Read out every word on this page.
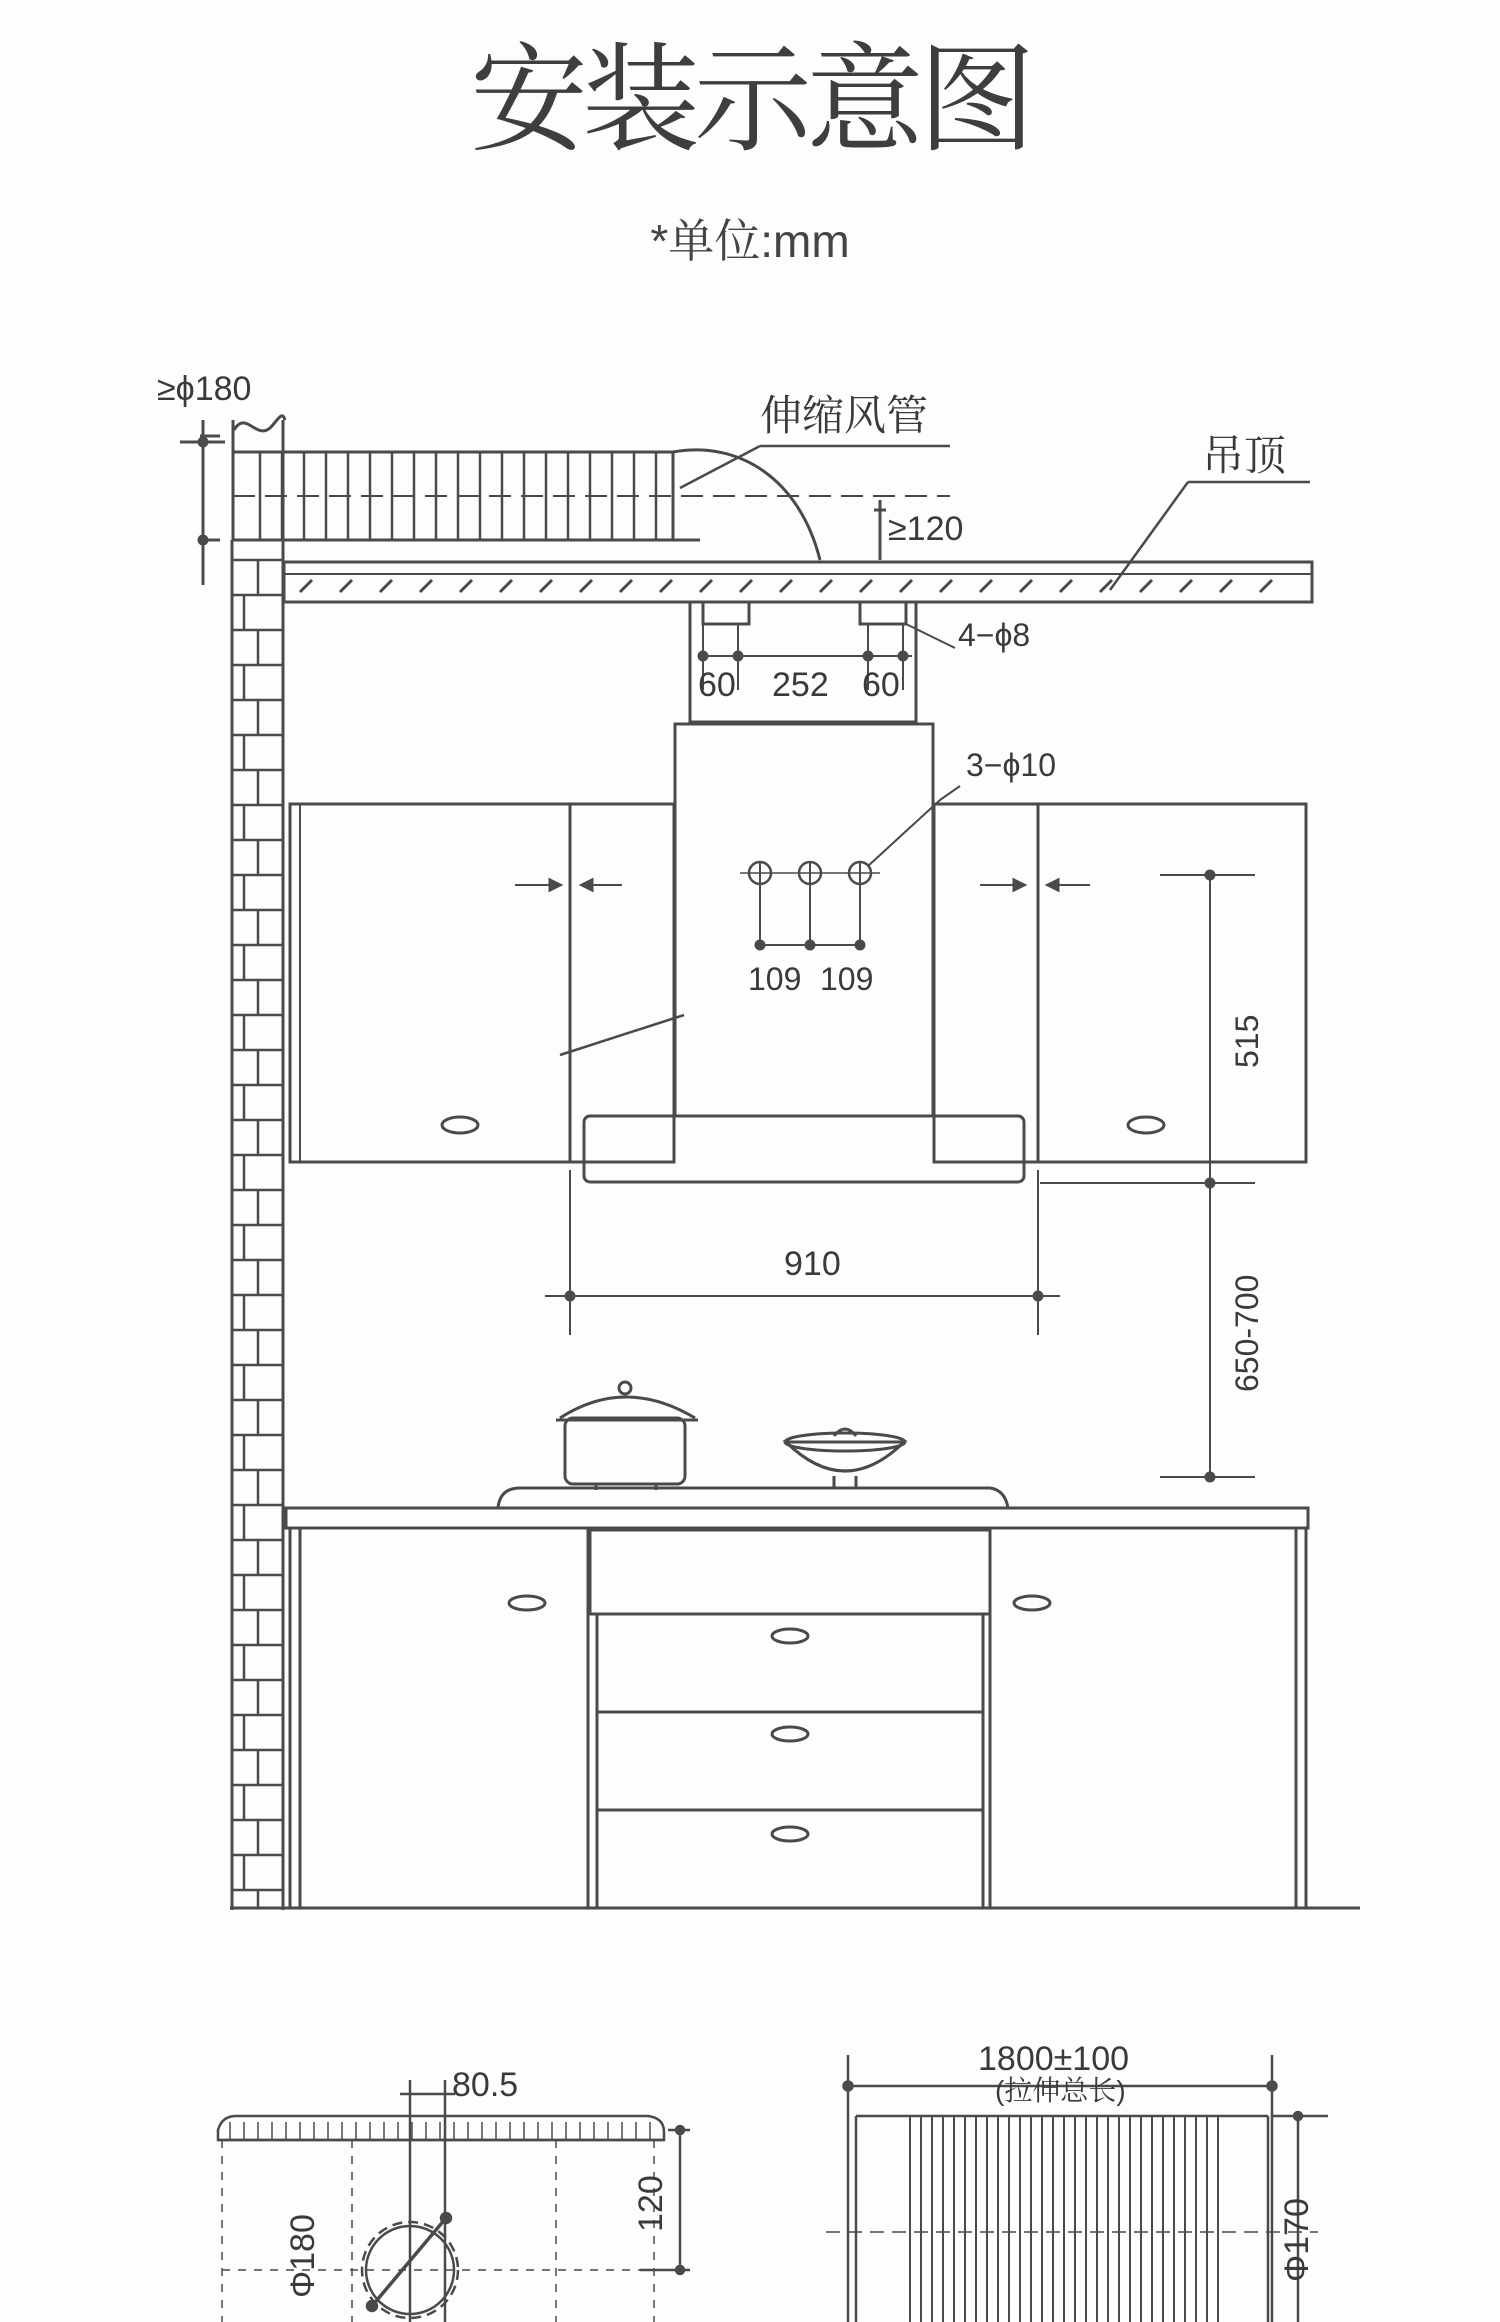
安装示意图
*单位:mm
≥ϕ180
伸缩风管
吊顶
≥120
4−ϕ8
60 252 60
3−ϕ10
109 109
515
910
650-700
80.5
120
Φ180
1800±100
(拉伸总长)
Φ170
